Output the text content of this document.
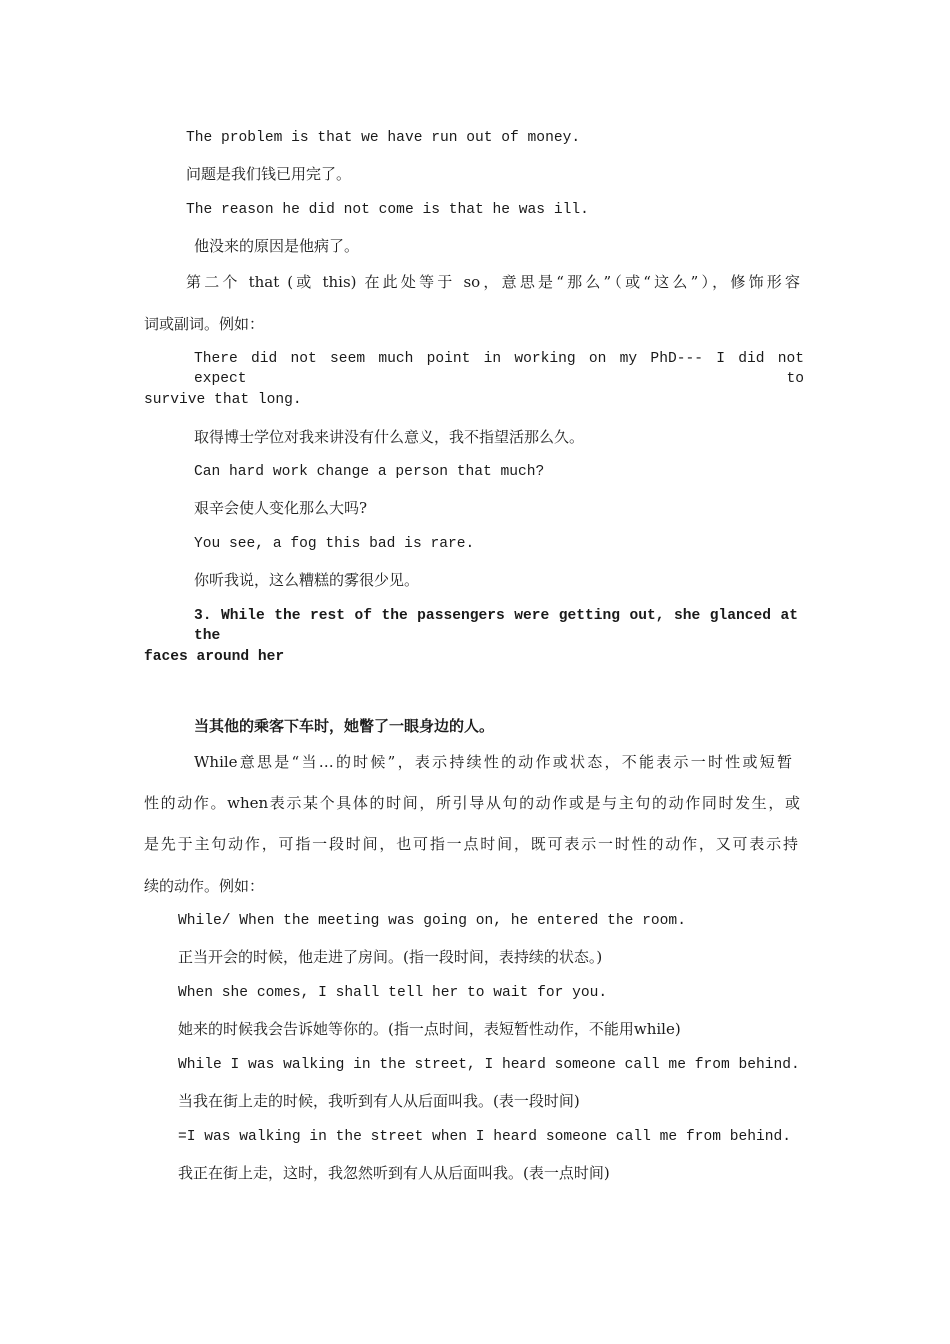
The problem is that we have run out of money.
问题是我们钱已用完了。
The reason he did not come is that he was ill.
他没来的原因是他病了。
第二个 that (或 this) 在此处等于 so，意思是“那么”（或“这么”），修饰形容
词或副词。例如：
There did not seem much point in working on my PhD--- I did not expect to
survive that long.
取得博士学位对我来讲没有什么意义，我不指望活那么久。
Can hard work change a person that much?
艰辛会使人变化那么大吗?
You see, a fog this bad is rare.
你听我说，这么糟糕的雾很少见。
3. While the rest of the passengers were getting out, she glanced at the
faces around her
当其他的乘客下车时，她瞥了一眼身边的人。
While意思是“当…的时候”，表示持续性的动作或状态，不能表示一时性或短暂
性的动作。when表示某个具体的时间，所引导从句的动作或是与主句的动作同时发生，或
是先于主句动作，可指一段时间，也可指一点时间，既可表示一时性的动作，又可表示持
续的动作。例如：
While/ When the meeting was going on, he entered the room.
正当开会的时候，他走进了房间。(指一段时间，表持续的状态。)
When she comes, I shall tell her to wait for you.
她来的时候我会告诉她等你的。(指一点时间，表短暂性动作，不能用while)
While I was walking in the street, I heard someone call me from behind.
当我在街上走的时候，我听到有人从后面叫我。(表一段时间)
=I was walking in the street when I heard someone call me from behind.
我正在街上走，这时，我忽然听到有人从后面叫我。(表一点时间)
